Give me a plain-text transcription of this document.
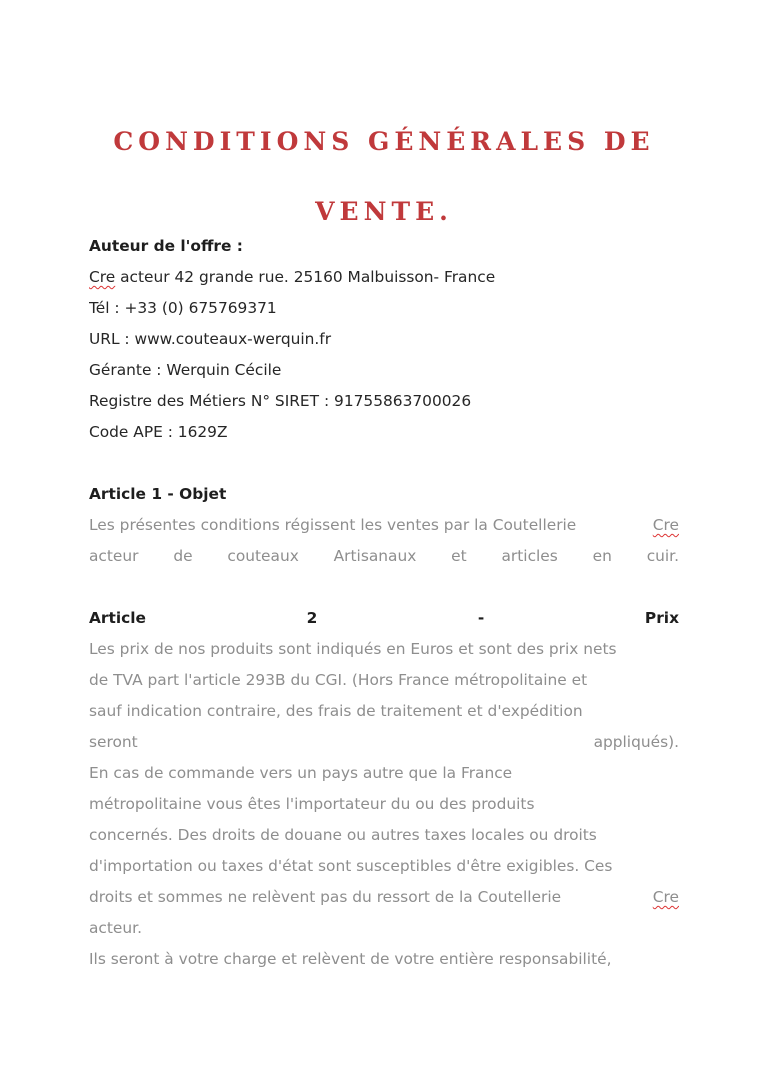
CONDITIONS GÉNÉRALES DE
VENTE.
Auteur de l'offre :
Cre acteur 42 grande rue. 25160 Malbuisson- France
Tél : +33 (0) 675769371
URL : www.couteaux-werquin.fr
Gérante : Werquin Cécile
Registre des Métiers N° SIRET : 91755863700026
Code APE : 1629Z
Article 1 - Objet
Les présentes conditions régissent les ventes par la Coutellerie	Cre
acteur de couteaux Artisanaux et articles en cuir.
Article	2	-	Prix
Les prix de nos produits sont indiqués en Euros et sont des prix nets
de TVA part l'article 293B du CGI. (Hors France métropolitaine et
sauf indication contraire, des frais de traitement et d'expédition
seront	appliqués).
En cas de commande vers un pays autre que la France
métropolitaine vous êtes l'importateur du ou des produits
concernés. Des droits de douane ou autres taxes locales ou droits
d'importation ou taxes d'état sont susceptibles d'être exigibles. Ces
droits et sommes ne relèvent pas du ressort de la Coutellerie	Cre
acteur.
Ils seront à votre charge et relèvent de votre entière responsabilité,
